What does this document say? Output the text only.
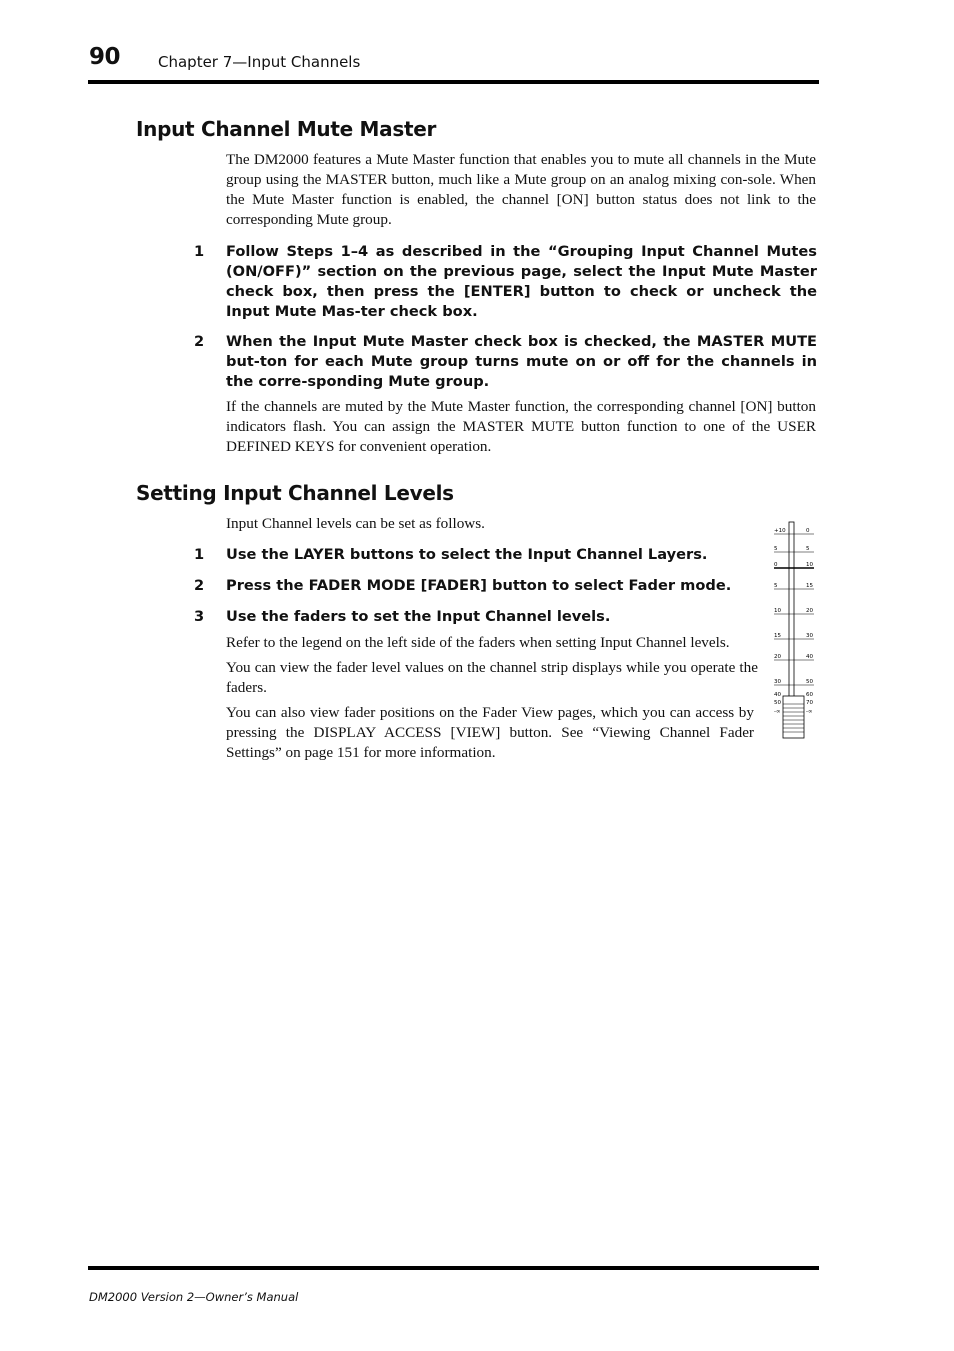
90	Chapter 7—Input Channels
Input Channel Mute Master

The DM2000 features a Mute Master function that enables you to mute all channels in the Mute group using the MASTER button, much like a Mute group on an analog mixing con-sole. When the Mute Master function is enabled, the channel [ON] button status does not link to the corresponding Mute group.

1 Follow Steps 1–4 as described in the “Grouping Input Channel Mutes (ON/OFF)” section on the previous page, select the Input Mute Master check box, then press the [ENTER] button to check or uncheck the Input Mute Mas-ter check box.
2 When the Input Mute Master check box is checked, the MASTER MUTE but-ton for each Mute group turns mute on or off for the channels in the corre-sponding Mute group.

If the channels are muted by the Mute Master function, the corresponding channel [ON] button indicators flash. You can assign the MASTER MUTE button function to one of the USER DEFINED KEYS for convenient operation.

Setting Input Channel Levels

Input Channel levels can be set as follows.

1 Use the LAYER buttons to select the Input Channel Layers.
2 Press the FADER MODE [FADER] button to select Fader mode.
3 Use the faders to set the Input Channel levels.

Refer to the legend on the left side of the faders when setting Input Channel levels.

You can view the fader level values on the channel strip displays while you operate the faders.

You can also view fader positions on the Fader View pages, which you can access by pressing the DISPLAY ACCESS [VIEW] button. See “Viewing Channel Fader Settings” on page 151 for more information.

+10
5
0
5
10
15
20
30
40
50
-∞
0
5
10
15
20
30
40
50
60
70
-∞
DM2000 Version 2—Owner’s Manual
